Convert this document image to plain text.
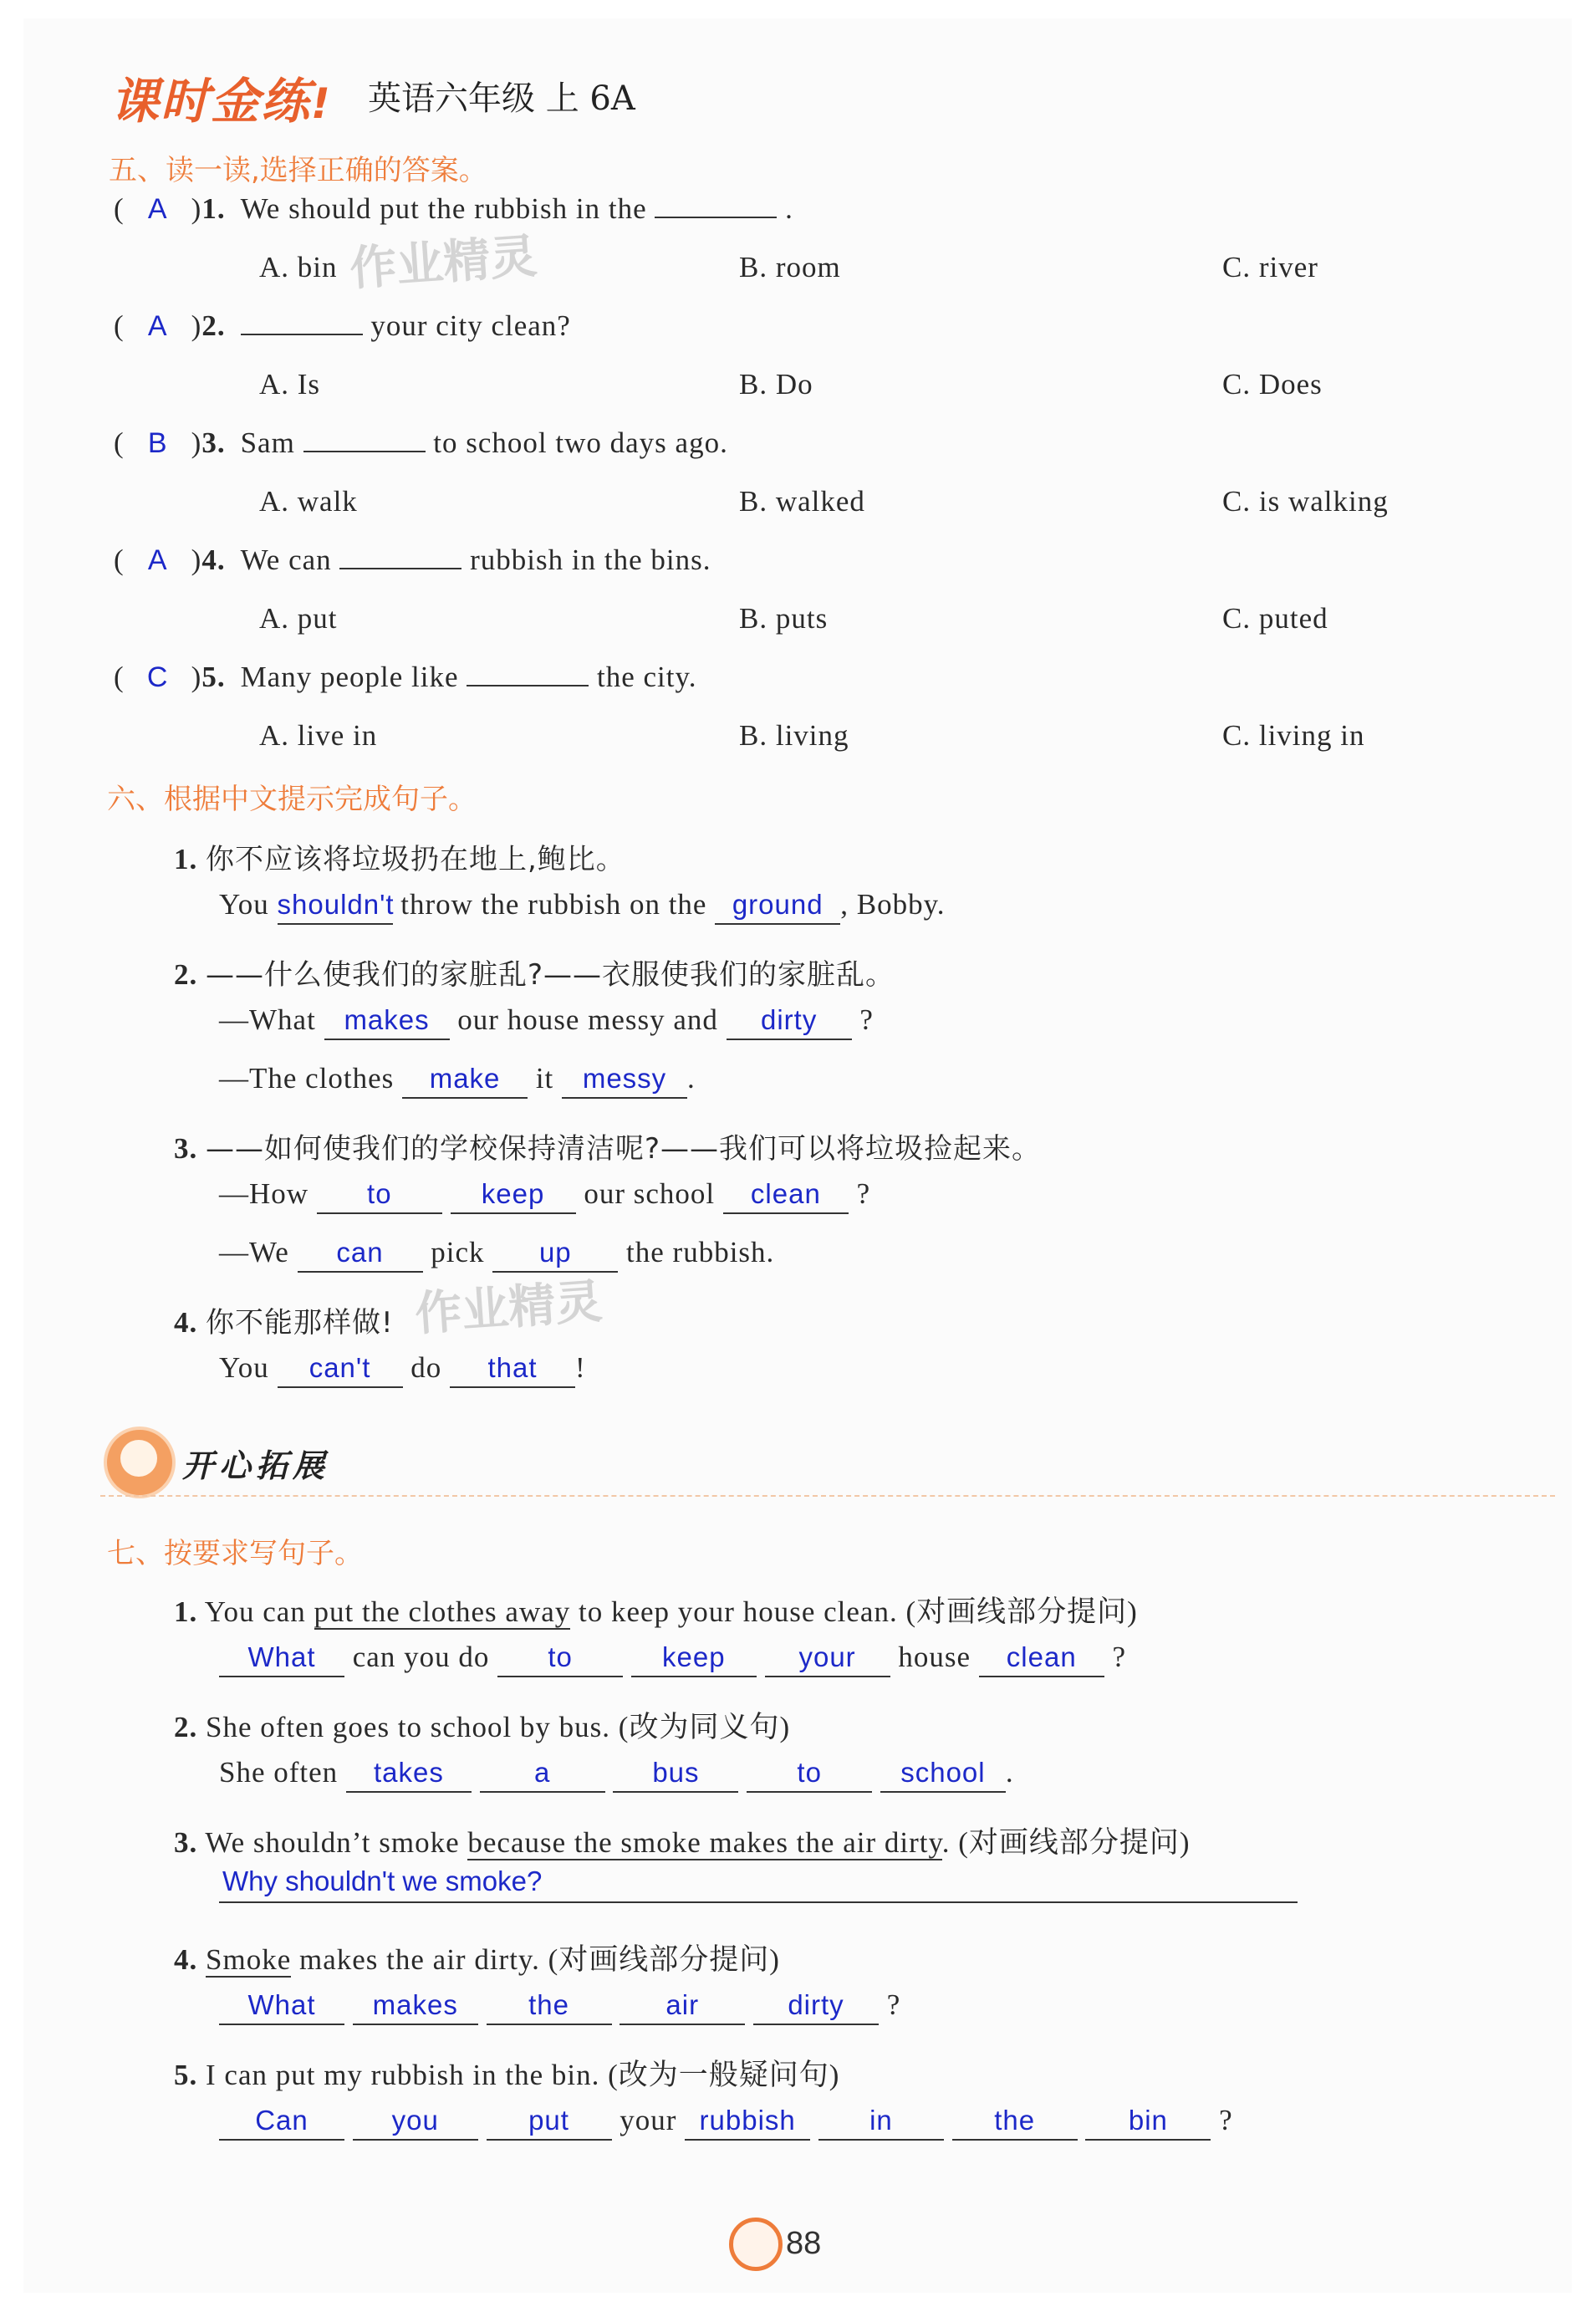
课时金练! 英语六年级 上 6A
五、读一读,选择正确的答案。
( A )1. We should put the rubbish in the	.
A. bin	B. room	C. river
( A )2.	your city clean?
A. Is	B. Do	C. Does
( B )3. Sam	to school two days ago.
A. walk	B. walked	C. is walking
( A )4. We can	rubbish in the bins.
A. put	B. puts	C. puted
( C )5. Many people like	the city.
A. live in	B. living	C. living in
六、根据中文提示完成句子。
1. 你不应该将垃圾扔在地上,鲍比。
You shouldn't throw the rubbish on the ground , Bobby.
2. ——什么使我们的家脏乱?——衣服使我们的家脏乱。
—What makes our house messy and dirty ?
—The clothes make it messy .
3. ——如何使我们的学校保持清洁呢?——我们可以将垃圾捡起来。
—How to	keep our school clean ?
—We can pick up the rubbish.
4. 你不能那样做!
You can't do that !
开心拓展
七、按要求写句子。
1. You can put the clothes away to keep your house clean. (对画线部分提问)
What can you do to	keep	your house clean ?
2. She often goes to school by bus. (改为同义句)
She often takes	a	bus	to	school .
3. We shouldn’t smoke because the smoke makes the air dirty. (对画线部分提问)
Why shouldn't we smoke?
4. Smoke makes the air dirty. (对画线部分提问)
What makes	the	air	dirty ?
5. I can put my rubbish in the bin. (改为一般疑问句)
Can	you	put your rubbish	in	the	bin ?
作业精灵
作业精灵
88
